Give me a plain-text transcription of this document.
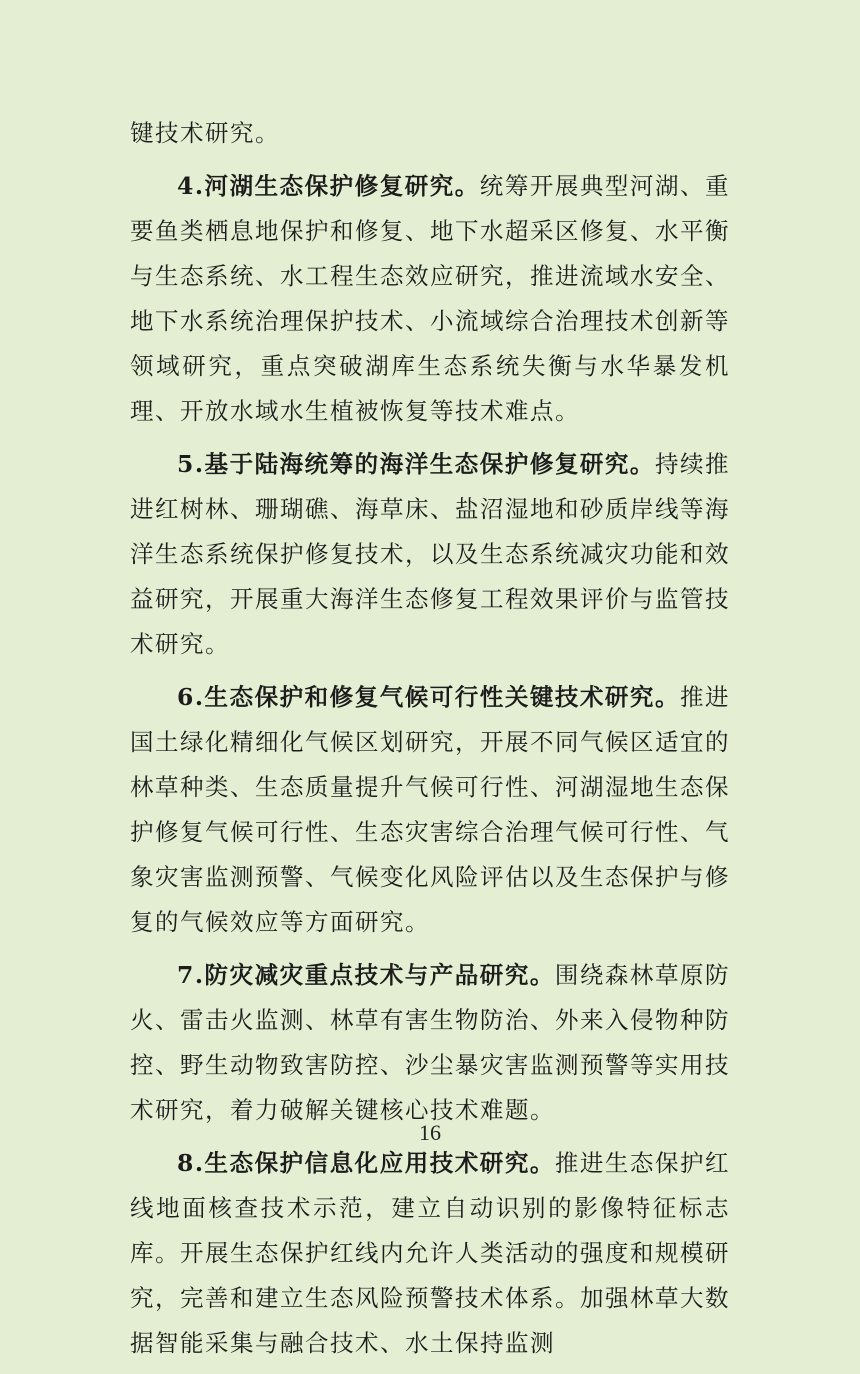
键技术研究。

4.河湖生态保护修复研究。统筹开展典型河湖、重要鱼类栖息地保护和修复、地下水超采区修复、水平衡与生态系统、水工程生态效应研究，推进流域水安全、地下水系统治理保护技术、小流域综合治理技术创新等领域研究，重点突破湖库生态系统失衡与水华暴发机理、开放水域水生植被恢复等技术难点。

5.基于陆海统筹的海洋生态保护修复研究。持续推进红树林、珊瑚礁、海草床、盐沼湿地和砂质岸线等海洋生态系统保护修复技术，以及生态系统减灾功能和效益研究，开展重大海洋生态修复工程效果评价与监管技术研究。

6.生态保护和修复气候可行性关键技术研究。推进国土绿化精细化气候区划研究，开展不同气候区适宜的林草种类、生态质量提升气候可行性、河湖湿地生态保护修复气候可行性、生态灾害综合治理气候可行性、气象灾害监测预警、气候变化风险评估以及生态保护与修复的气候效应等方面研究。

7.防灾减灾重点技术与产品研究。围绕森林草原防火、雷击火监测、林草有害生物防治、外来入侵物种防控、野生动物致害防控、沙尘暴灾害监测预警等实用技术研究，着力破解关键核心技术难题。

8.生态保护信息化应用技术研究。推进生态保护红线地面核查技术示范，建立自动识别的影像特征标志库。开展生态保护红线内允许人类活动的强度和规模研究，完善和建立生态风险预警技术体系。加强林草大数据智能采集与融合技术、水土保持监测

16
